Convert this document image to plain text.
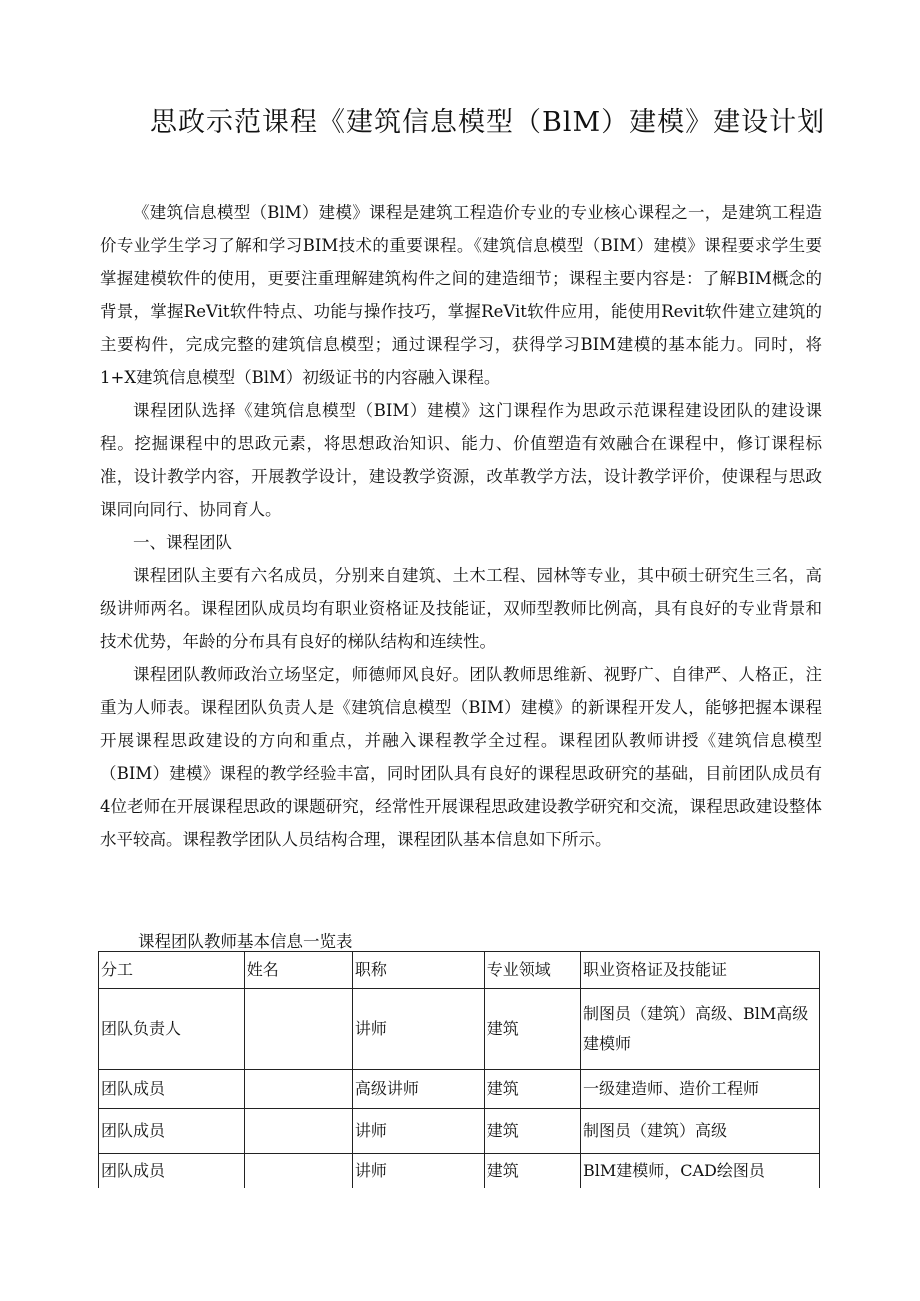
思政示范课程《建筑信息模型（BlM）建模》建设计划

《建筑信息模型（BlM）建模》课程是建筑工程造价专业的专业核心课程之一，是建筑工程造价专业学生学习了解和学习BIM技术的重要课程。《建筑信息模型（BIM）建模》课程要求学生要掌握建模软件的使用，更要注重理解建筑构件之间的建造细节；课程主要内容是：了解BIM概念的背景，掌握ReVit软件特点、功能与操作技巧，掌握ReVit软件应用，能使用Revit软件建立建筑的主要构件，完成完整的建筑信息模型；通过课程学习，获得学习BIM建模的基本能力。同时，将1+X建筑信息模型（BlM）初级证书的内容融入课程。

课程团队选择《建筑信息模型（BIM）建模》这门课程作为思政示范课程建设团队的建设课程。挖掘课程中的思政元素，将思想政治知识、能力、价值塑造有效融合在课程中，修订课程标准，设计教学内容，开展教学设计，建设教学资源，改革教学方法，设计教学评价，使课程与思政课同向同行、协同育人。

一、课程团队

课程团队主要有六名成员，分别来自建筑、土木工程、园林等专业，其中硕士研究生三名，高级讲师两名。课程团队成员均有职业资格证及技能证，双师型教师比例高，具有良好的专业背景和技术优势，年龄的分布具有良好的梯队结构和连续性。

课程团队教师政治立场坚定，师德师风良好。团队教师思维新、视野广、自律严、人格正，注重为人师表。课程团队负责人是《建筑信息模型（BIM）建模》的新课程开发人，能够把握本课程开展课程思政建设的方向和重点，并融入课程教学全过程。课程团队教师讲授《建筑信息模型（BIM）建模》课程的教学经验丰富，同时团队具有良好的课程思政研究的基础，目前团队成员有4位老师在开展课程思政的课题研究，经常性开展课程思政建设教学研究和交流，课程思政建设整体水平较高。课程教学团队人员结构合理，课程团队基本信息如下所示。

课程团队教师基本信息一览表
分工	姓名	职称	专业领域	职业资格证及技能证
团队负责人		讲师	建筑	制图员（建筑）高级、BlM高级建模师
团队成员		高级讲师	建筑	一级建造师、造价工程师
团队成员		讲师	建筑	制图员（建筑）高级
团队成员		讲师	建筑	BlM建模师，CAD绘图员
